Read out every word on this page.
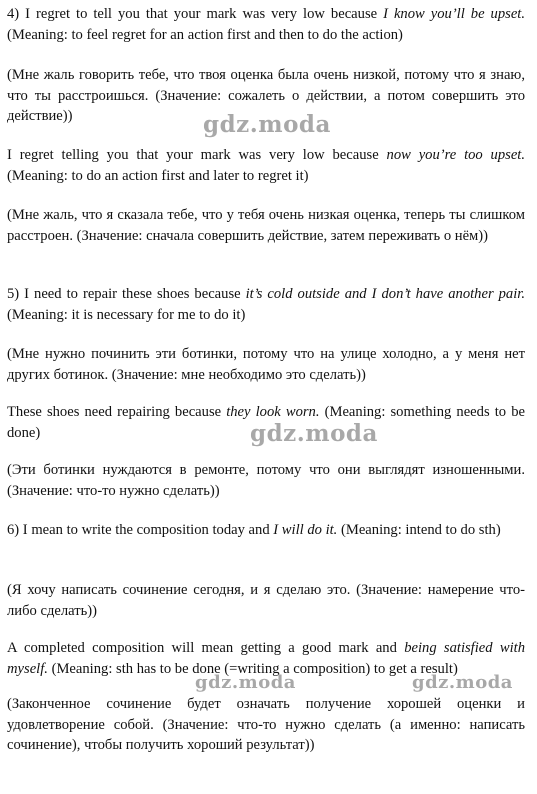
4) I regret to tell you that your mark was very low because I know you’ll be upset. (Meaning: to feel regret for an action first and then to do the action)

(Мне жаль говорить тебе, что твоя оценка была очень низкой, потому что я знаю, что ты расстроишься. (Значение: сожалеть о действии, а потом совершить это действие))

I regret telling you that your mark was very low because now you’re too upset. (Meaning: to do an action first and later to regret it)

(Мне жаль, что я сказала тебе, что у тебя очень низкая оценка, теперь ты слишком расстроен. (Значение: сначала совершить действие, затем переживать о нём))

5) I need to repair these shoes because it’s cold outside and I don’t have another pair. (Meaning: it is necessary for me to do it)

(Мне нужно починить эти ботинки, потому что на улице холодно, а у меня нет других ботинок. (Значение: мне необходимо это сделать))

These shoes need repairing because they look worn. (Meaning: something needs to be done)

(Эти ботинки нуждаются в ремонте, потому что они выглядят изношенными. (Значение: что-то нужно сделать))

6) I mean to write the composition today and I will do it. (Meaning: intend to do sth)

(Я хочу написать сочинение сегодня, и я сделаю это. (Значение: намерение что-либо сделать))

A completed composition will mean getting a good mark and being satisfied with myself. (Meaning: sth has to be done (=writing a composition) to get a result)

(Законченное сочинение будет означать получение хорошей оценки и удовлетворение собой. (Значение: что-то нужно сделать (а именно: написать сочинение), чтобы получить хороший результат))

gdz.moda
gdz.moda
gdz.moda	gdz.moda
